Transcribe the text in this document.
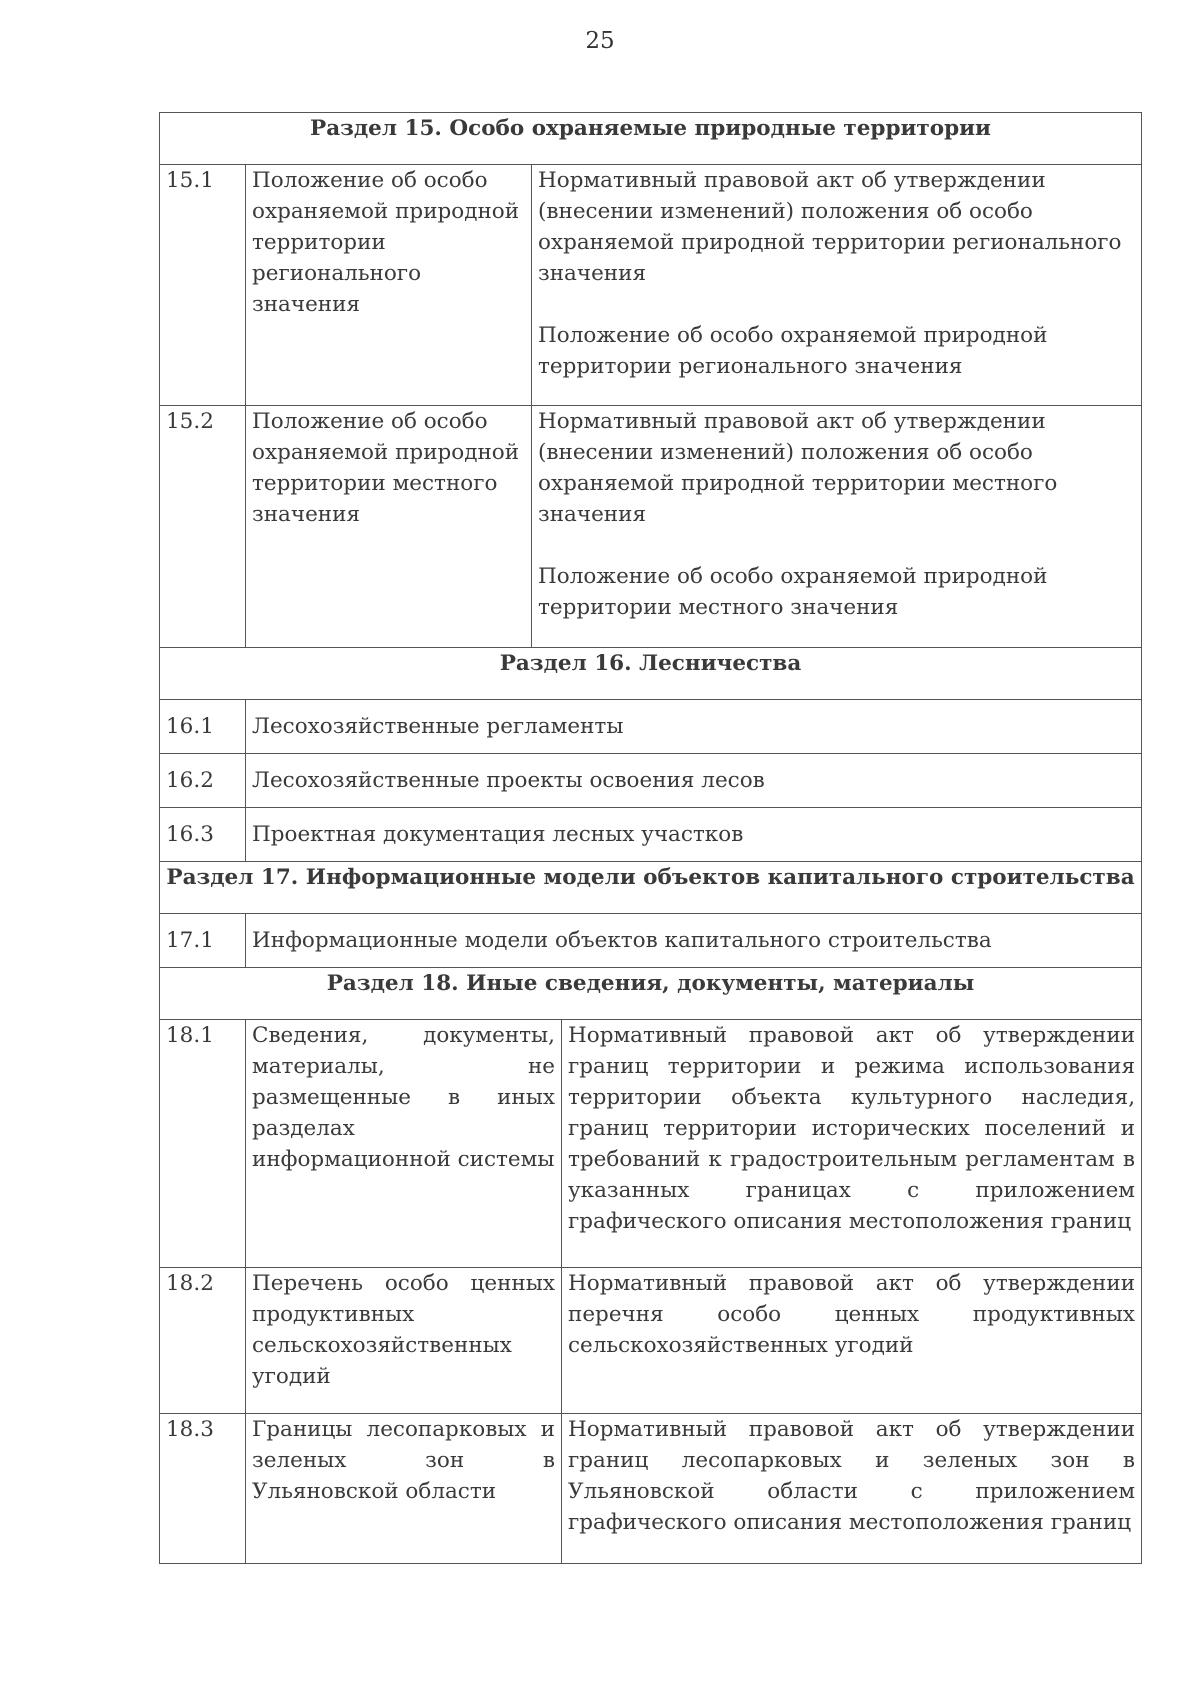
25
Раздел 15. Особо охраняемые природные территории			
15.1	Положение об особо охраняемой природной территории регионального значения	Нормативный правовой акт об утверждении (внесении изменений) положения об особо охраняемой природной территории регионального значения
Положение об особо охраняемой природной территории регионального значения	

15.2	Положение об особо охраняемой природной территории местного значения	Нормативный правовой акт об утверждении (внесении изменений) положения об особо охраняемой природной территории местного значения
Положение об особо охраняемой природной территории местного значения	

Раздел 16. Лесничества			
16.1	Лесохозяйственные регламенты		
16.2	Лесохозяйственные проекты освоения лесов		
16.3	Проектная документация лесных участков		
Раздел 17. Информационные модели объектов капитального строительства			
17.1	Информационные модели объектов капитального строительства		
Раздел 18. Иные сведения, документы, материалы			
18.1	Сведения, документы, материалы, не размещенные в иных разделах информационной системы		Нормативный правовой акт об утверждении границ территории и режима использования территории объекта культурного наследия, границ территории исторических поселений и требований к градостроительным регламентам в указанных границах с приложением графического описания местоположения границ
18.2	Перечень особо ценных продуктивных сельскохозяйственных угодий		Нормативный правовой акт об утверждении перечня особо ценных продуктивных сельскохозяйственных угодий
18.3	Границы лесопарковых и зеленых зон в Ульяновской области		Нормативный правовой акт об утверждении границ лесопарковых и зеленых зон в Ульяновской области с приложением графического описания местоположения границ
